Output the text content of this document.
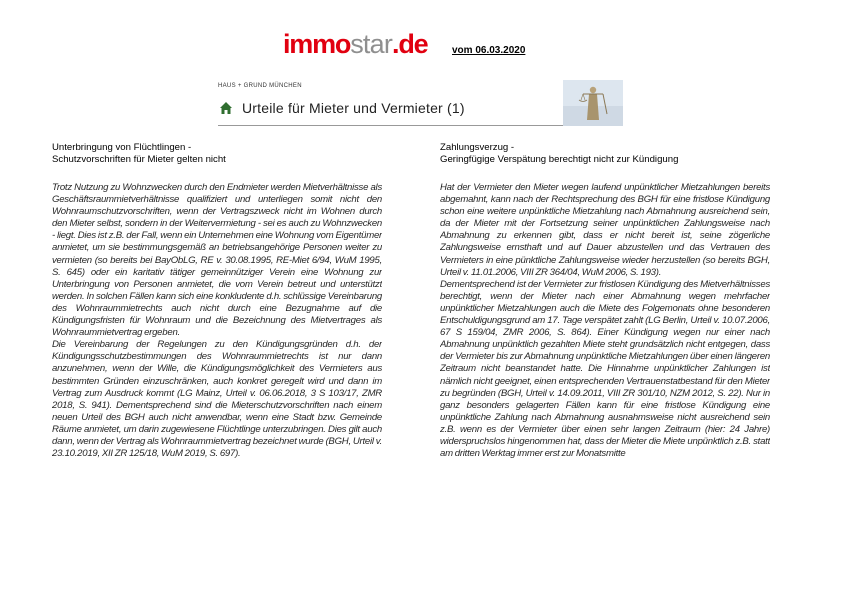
immostar.de vom 06.03.2020
HAUS + GRUND MÜNCHEN
Urteile für Mieter und Vermieter (1)

Unterbringung von Flüchtlingen -
Schutzvorschriften für Mieter gelten nicht

Trotz Nutzung zu Wohnzwecken durch den Endmieter werden Mietverhältnisse als Geschäftsraummietverhältnisse qualifiziert und unterliegen somit nicht den Wohnraumschutzvorschriften, wenn der Vertragszweck nicht im Wohnen durch den Mieter selbst, sondern in der Weitervermietung - sei es auch zu Wohnzwecken - liegt. Dies ist z.B. der Fall, wenn ein Unternehmen eine Wohnung vom Eigentümer anmietet, um sie bestimmungsgemäß an betriebsangehörige Personen weiter zu vermieten (so bereits bei BayObLG, RE v. 30.08.1995, RE-Miet 6/94, WuM 1995, S. 645) oder ein karitativ tätiger gemeinnütziger Verein eine Wohnung zur Unterbringung von Personen anmietet, die vom Verein betreut und unterstützt werden. In solchen Fällen kann sich eine konkludente d.h. schlüssige Vereinbarung des Wohnraummietrechts auch nicht durch eine Bezugnahme auf die Kündigungsfristen für Wohnraum und die Bezeichnung des Mietvertrages als Wohnraummietvertrag ergeben.

Die Vereinbarung der Regelungen zu den Kündigungsgründen d.h. der Kündigungsschutzbestimmungen des Wohnraummietrechts ist nur dann anzunehmen, wenn der Wille, die Kündigungsmöglichkeit des Vermieters aus bestimmten Gründen einzuschränken, auch konkret geregelt wird und dann im Vertrag zum Ausdruck kommt (LG Mainz, Urteil v. 06.06.2018, 3 S 103/17, ZMR 2018, S. 941). Dementsprechend sind die Mieterschutzvorschriften nach einem neuen Urteil des BGH auch nicht anwendbar, wenn eine Stadt bzw. Gemeinde Räume anmietet, um darin zugewiesene Flüchtlinge unterzubringen. Dies gilt auch dann, wenn der Vertrag als Wohnraummietvertrag bezeichnet wurde (BGH, Urteil v. 23.10.2019, XII ZR 125/18, WuM 2019, S. 697).

Zahlungsverzug -
Geringfügige Verspätung berechtigt nicht zur Kündigung

Hat der Vermieter den Mieter wegen laufend unpünktlicher Mietzahlungen bereits abgemahnt, kann nach der Rechtsprechung des BGH für eine fristlose Kündigung schon eine weitere unpünktliche Mietzahlung nach Abmahnung ausreichend sein, da der Mieter mit der Fortsetzung seiner unpünktlichen Zahlungsweise nach Abmahnung zu erkennen gibt, dass er nicht bereit ist, seine zögerliche Zahlungsweise ernsthaft und auf Dauer abzustellen und das Vertrauen des Vermieters in eine pünktliche Zahlungsweise wieder herzustellen (so bereits BGH, Urteil v. 11.01.2006, VIII ZR 364/04, WuM 2006, S. 193).

Dementsprechend ist der Vermieter zur fristlosen Kündigung des Mietverhältnisses berechtigt, wenn der Mieter nach einer Abmahnung wegen mehrfacher unpünktlicher Mietzahlungen auch die Miete des Folgemonats ohne besonderen Entschuldigungsgrund am 17. Tage verspätet zahlt (LG Berlin, Urteil v. 10.07.2006, 67 S 159/04, ZMR 2006, S. 864). Einer Kündigung wegen nur einer nach Abmahnung unpünktlich gezahlten Miete steht grundsätzlich nicht entgegen, dass der Vermieter bis zur Abmahnung unpünktliche Mietzahlungen über einen längeren Zeitraum nicht beanstandet hatte. Die Hinnahme unpünktlicher Zahlungen ist nämlich nicht geeignet, einen entsprechenden Vertrauenstatbestand für den Mieter zu begründen (BGH, Urteil v. 14.09.2011, VIII ZR 301/10, NZM 2012, S. 22). Nur in ganz besonders gelagerten Fällen kann für eine fristlose Kündigung eine unpünktliche Zahlung nach Abmahnung ausnahmsweise nicht ausreichend sein z.B. wenn es der Vermieter über einen sehr langen Zeitraum (hier: 24 Jahre) widerspruchslos hingenommen hat, dass der Mieter die Miete unpünktlich z.B. statt am dritten Werktag immer erst zur Monatsmitte
